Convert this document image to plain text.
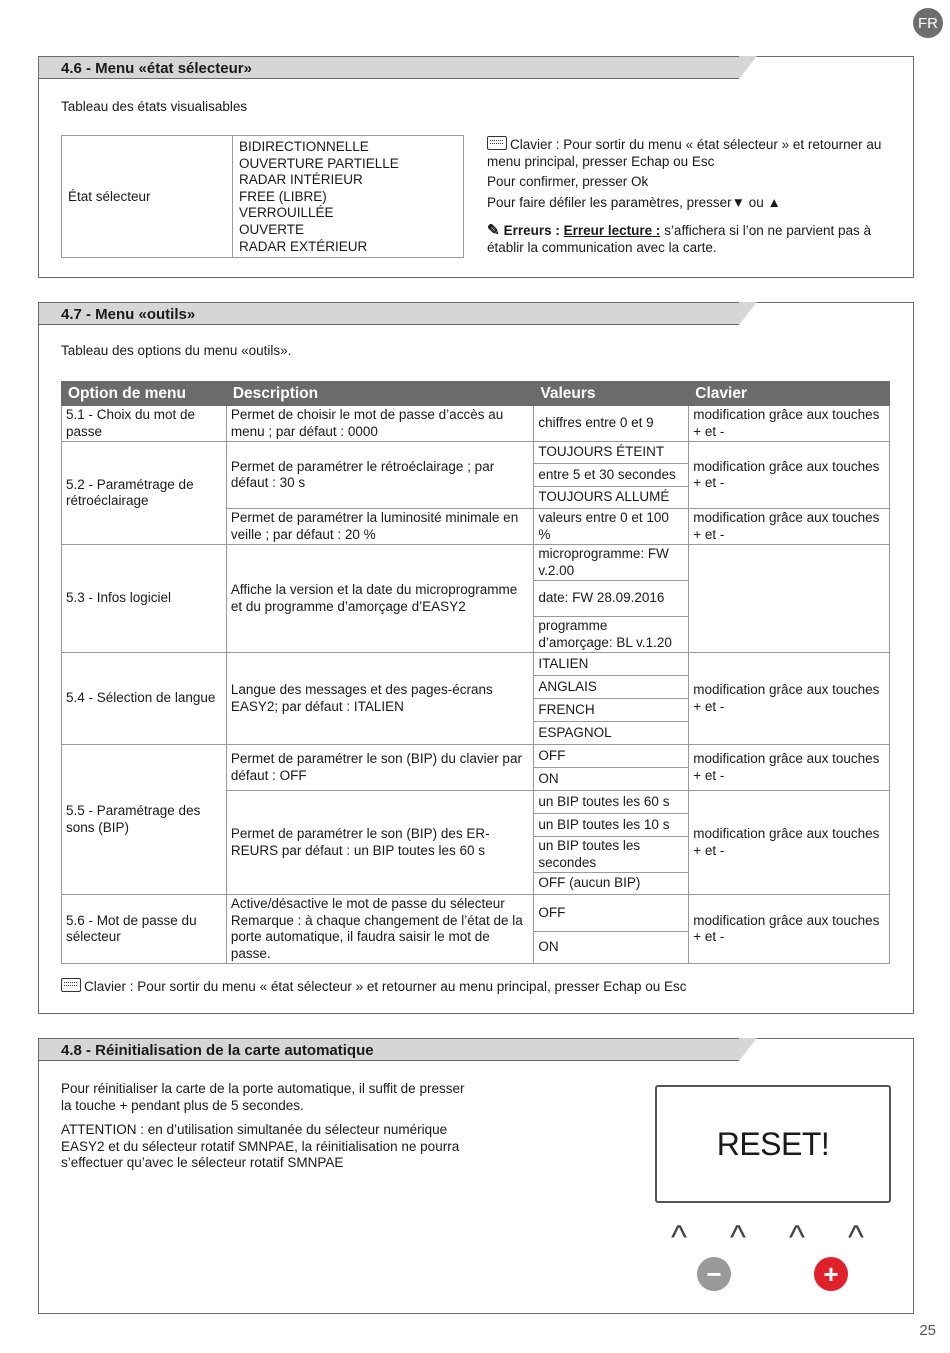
FR
4.6 - Menu «état sélecteur»
Tableau des états visualisables
État sélecteur
BIDIRECTIONNELLE
OUVERTURE PARTIELLE
RADAR INTÉRIEUR
FREE (LIBRE)
VERROUILLÉE
OUVERTE
RADAR EXTÉRIEUR

Clavier : Pour sortir du menu « état sélecteur » et retourner au menu principal, presser Echap ou Esc

Pour confirmer, presser Ok

Pour faire défiler les paramètres, presser▼ ou ▲

✎ Erreurs : Erreur lecture : s’affichera si l’on ne parvient pas à établir la communication avec la carte.

4.7 - Menu «outils»
Tableau des options du menu «outils».
Option de menu	Description	Valeurs	Clavier
5.1 - Choix du mot de passe	Permet de choisir le mot de passe d’accès au menu ; par défaut : 0000	chiffres entre 0 et 9	modification grâce aux touches + et -
5.2 - Paramétrage de rétroéclairage	Permet de paramétrer le rétroéclairage ; par défaut : 30 s	TOUJOURS ÉTEINT	modification grâce aux touches + et -
		entre 5 et 30 secondes	
		TOUJOURS ALLUMÉ	
	Permet de paramétrer la luminosité minimale en veille ; par défaut : 20 %	valeurs entre 0 et 100 %	modification grâce aux touches + et -
5.3 - Infos logiciel	Affiche la version et la date du microprogramme et du programme d’amorçage d’EASY2	microprogramme: FW v.2.00	
		date: FW 28.09.2016	
		programme d’amorçage: BL v.1.20	
5.4 - Sélection de langue	Langue des messages et des pages-écrans EASY2; par défaut : ITALIEN	ITALIEN	modification grâce aux touches + et -
		ANGLAIS	
		FRENCH	
		ESPAGNOL	
5.5 - Paramétrage des sons (BIP)	Permet de paramétrer le son (BIP) du clavier par défaut : OFF	OFF	modification grâce aux touches + et -
		ON	
	Permet de paramétrer le son (BIP) des ER-REURS par défaut : un BIP toutes les 60 s	un BIP toutes les 60 s	modification grâce aux touches + et -
		un BIP toutes les 10 s	
		un BIP toutes les secondes	
		OFF (aucun BIP)	
5.6 - Mot de passe du sélecteur	Active/désactive le mot de passe du sélecteur Remarque : à chaque changement de l’état de la porte automatique, il faudra saisir le mot de passe.	OFF	modification grâce aux touches + et -
		ON	
Clavier : Pour sortir du menu « état sélecteur » et retourner au menu principal, presser Echap ou Esc
4.8 - Réinitialisation de la carte automatique

Pour réinitialiser la carte de la porte automatique, il suffit de presser la touche + pendant plus de 5 secondes.

ATTENTION : en d’utilisation simultanée du sélecteur numérique EASY2 et du sélecteur rotatif SMNPAE, la réinitialisation ne pourra s’effectuer qu’avec le sélecteur rotatif SMNPAE

RESET!
^ ^ ^ ^
−	+
25
